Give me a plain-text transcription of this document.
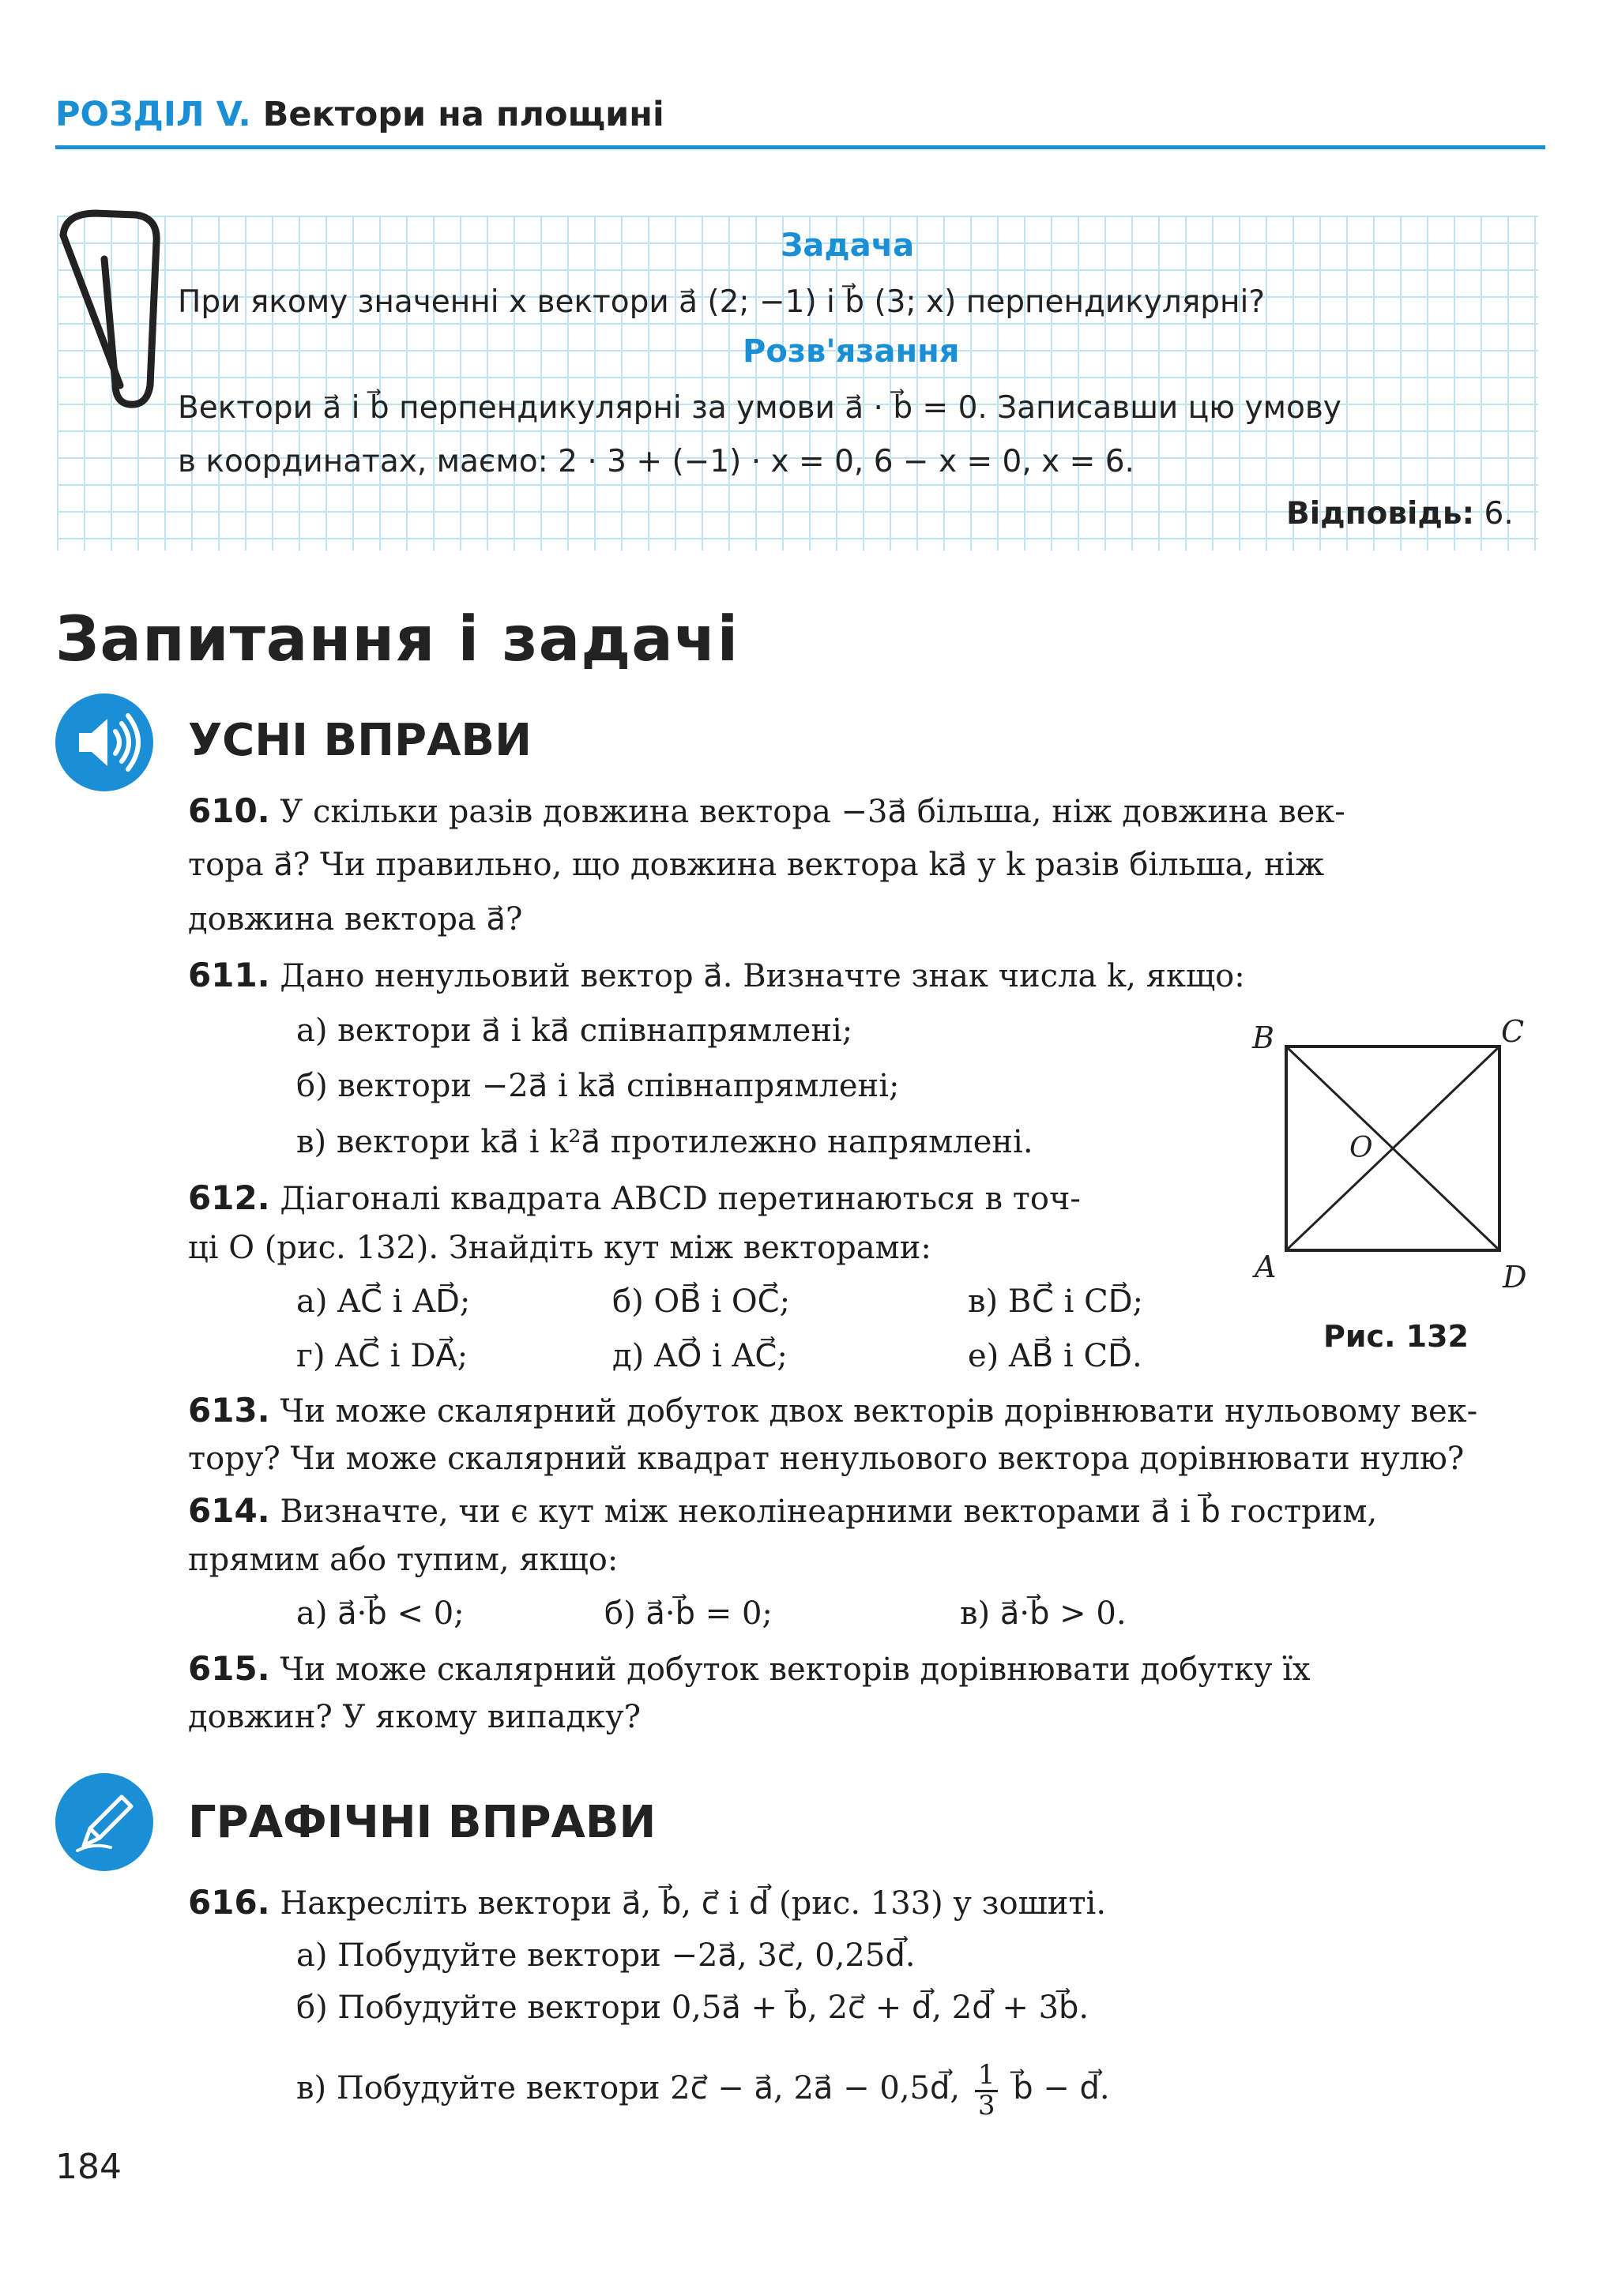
РОЗДІЛ V. Вектори на площині
Задача
При якому значенні x вектори a⃗ (2; −1) і b⃗ (3; x) перпендикулярні?
Розв'язання
Вектори a⃗ і b⃗ перпендикулярні за умови a⃗ · b⃗ = 0. Записавши цю умову
в координатах, маємо: 2 · 3 + (−1) · x = 0, 6 − x = 0, x = 6.
Відповідь: 6.
Запитання і задачі
УСНІ ВПРАВИ
610. У скільки разів довжина вектора −3a⃗ більша, ніж довжина век-
тора a⃗? Чи правильно, що довжина вектора ka⃗ у k разів більша, ніж
довжина вектора a⃗?
611. Дано ненульовий вектор a⃗. Визначте знак числа k, якщо:
а) вектори a⃗ і ka⃗ співнапрямлені;
б) вектори −2a⃗ і ka⃗ співнапрямлені;
в) вектори ka⃗ і k²a⃗ протилежно напрямлені.
612. Діагоналі квадрата ABCD перетинаються в точ-
ці O (рис. 132). Знайдіть кут між векторами:
а) AC⃗ і AD⃗;	б) OB⃗ і OC⃗;	в) BC⃗ і CD⃗;
г) AC⃗ і DA⃗;	д) AO⃗ і AC⃗;	е) AB⃗ і CD⃗.
B	C
O
A	D
Рис. 132
613. Чи може скалярний добуток двох векторів дорівнювати нульовому век-
тору? Чи може скалярний квадрат ненульового вектора дорівнювати нулю?
614. Визначте, чи є кут між неколінеарними векторами a⃗ і b⃗ гострим,
прямим або тупим, якщо:
а) a⃗·b⃗ < 0;	б) a⃗·b⃗ = 0;	в) a⃗·b⃗ > 0.
615. Чи може скалярний добуток векторів дорівнювати добутку їх
довжин? У якому випадку?
ГРАФІЧНІ ВПРАВИ
616. Накресліть вектори a⃗, b⃗, c⃗ і d⃗ (рис. 133) у зошиті.
а) Побудуйте вектори −2a⃗, 3c⃗, 0,25d⃗.
б) Побудуйте вектори 0,5a⃗ + b⃗, 2c⃗ + d⃗, 2d⃗ + 3b⃗.
в) Побудуйте вектори 2c⃗ − a⃗, 2a⃗ − 0,5d⃗, $\frac{1}{3}$ b⃗ − d⃗.
184
